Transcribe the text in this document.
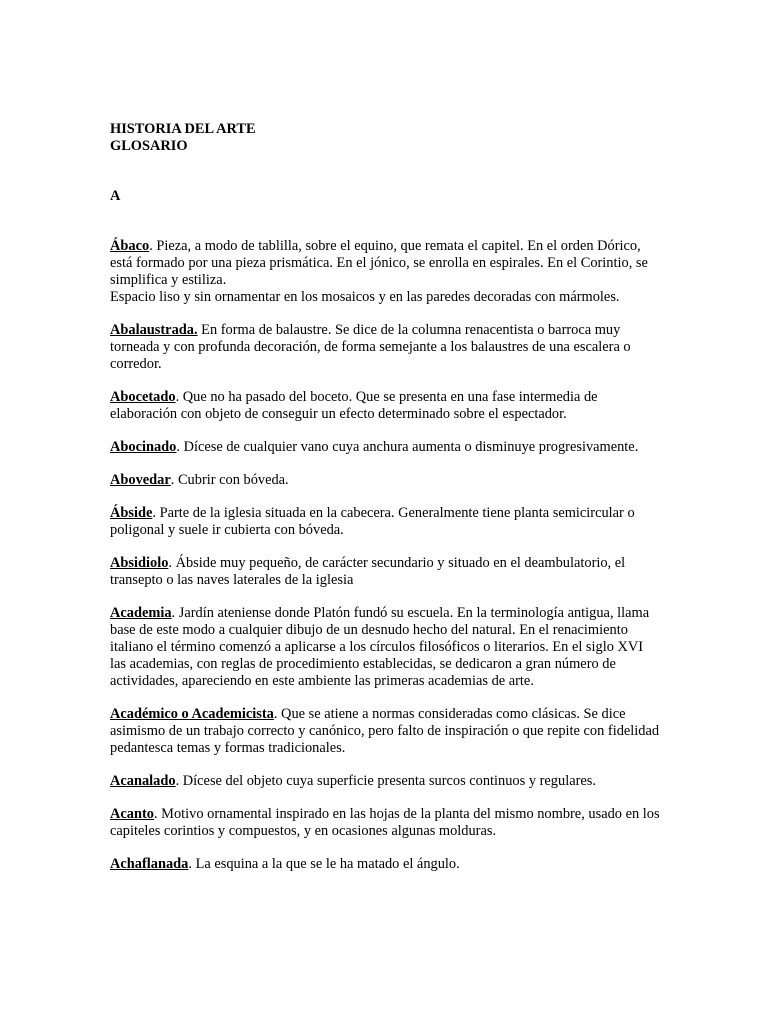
HISTORIA DEL ARTE
GLOSARIO
A

Ábaco. Pieza, a modo de tablilla, sobre el equino, que remata el capitel. En el orden Dórico, está formado por una pieza prismática. En el jónico, se enrolla en espirales. En el Corintio, se simplifica y estiliza.
Espacio liso y sin ornamentar en los mosaicos y en las paredes decoradas con mármoles.

Abalaustrada. En forma de balaustre. Se dice de la columna renacentista o barroca muy torneada y con profunda decoración, de forma semejante a los balaustres de una escalera o corredor.

Abocetado. Que no ha pasado del boceto. Que se presenta en una fase intermedia de elaboración con objeto de conseguir un efecto determinado sobre el espectador.

Abocinado. Dícese de cualquier vano cuya anchura aumenta o disminuye progresivamente.

Abovedar. Cubrir con bóveda.

Ábside. Parte de la iglesia situada en la cabecera. Generalmente tiene planta semicircular o poligonal y suele ir cubierta con bóveda.

Absidiolo. Ábside muy pequeño, de carácter secundario y situado en el deambulatorio, el transepto o las naves laterales de la iglesia

Academia. Jardín ateniense donde Platón fundó su escuela. En la terminología antigua, llama base de este modo a cualquier dibujo de un desnudo hecho del natural. En el renacimiento italiano el término comenzó a aplicarse a los círculos filosóficos o literarios. En el siglo XVI las academias, con reglas de procedimiento establecidas, se dedicaron a gran número de actividades, apareciendo en este ambiente las primeras academias de arte.

Académico o Academicista. Que se atiene a normas consideradas como clásicas. Se dice asimismo de un trabajo correcto y canónico, pero falto de inspiración o que repite con fidelidad pedantesca temas y formas tradicionales.

Acanalado. Dícese del objeto cuya superficie presenta surcos continuos y regulares.

Acanto. Motivo ornamental inspirado en las hojas de la planta del mismo nombre, usado en los capiteles corintios y compuestos, y en ocasiones algunas molduras.

Achaflanada. La esquina a la que se le ha matado el ángulo.
